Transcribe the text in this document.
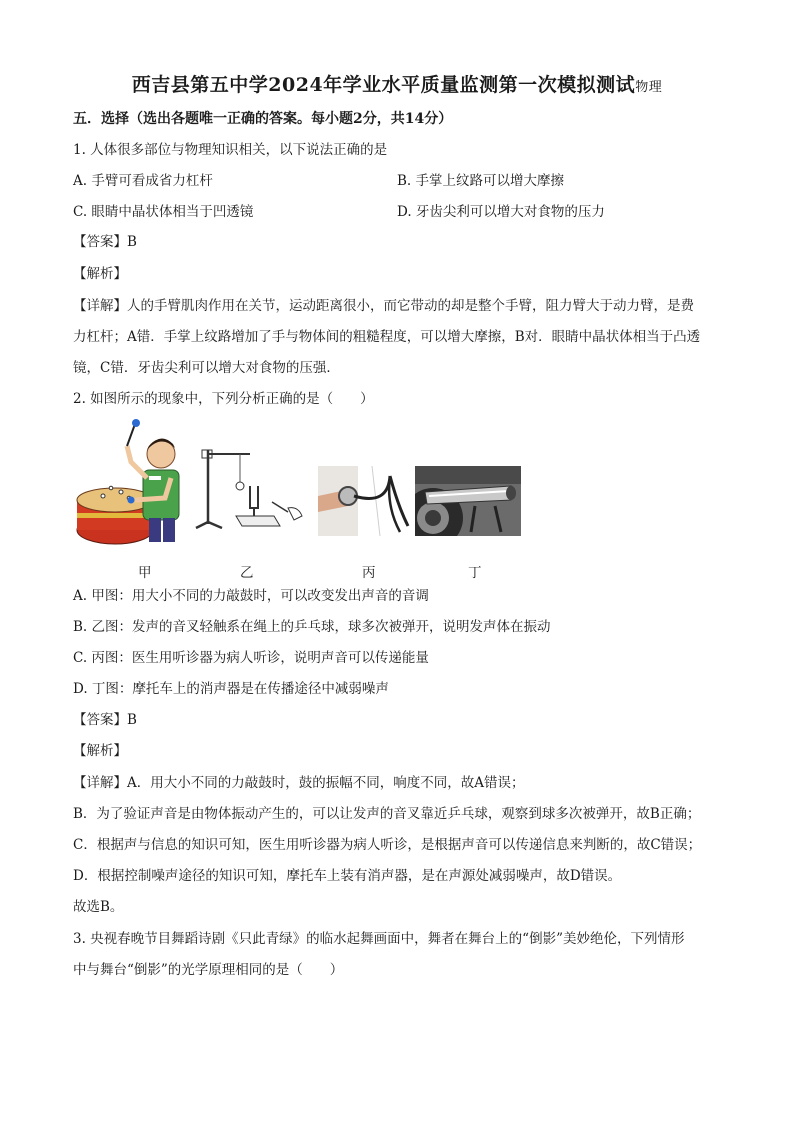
西吉县第五中学2024年学业水平质量监测第一次模拟测试物理
五．选择（选出各题唯一正确的答案。每小题2分，共14分）
1. 人体很多部位与物理知识相关，以下说法正确的是
A. 手臂可看成省力杠杆	B. 手掌上纹路可以增大摩擦
C. 眼睛中晶状体相当于凹透镜	D. 牙齿尖利可以增大对食物的压力
【答案】B
【解析】
【详解】人的手臂肌肉作用在关节，运动距离很小，而它带动的却是整个手臂，阻力臂大于动力臂，是费
力杠杆；A错．手掌上纹路增加了手与物体间的粗糙程度，可以增大摩擦，B对．眼睛中晶状体相当于凸透
镜，C错．牙齿尖利可以增大对食物的压强．
2. 如图所示的现象中，下列分析正确的是（　　）
甲	乙	丙	丁
A. 甲图：用大小不同的力敲鼓时，可以改变发出声音的音调
B. 乙图：发声的音叉轻触系在绳上的乒乓球，球多次被弹开，说明发声体在振动
C. 丙图：医生用听诊器为病人听诊，说明声音可以传递能量
D. 丁图：摩托车上的消声器是在传播途径中减弱噪声
【答案】B
【解析】
【详解】A．用大小不同的力敲鼓时，鼓的振幅不同，响度不同，故A错误；
B．为了验证声音是由物体振动产生的，可以让发声的音叉靠近乒乓球，观察到球多次被弹开，故B正确；
C．根据声与信息的知识可知，医生用听诊器为病人听诊，是根据声音可以传递信息来判断的，故C错误；
D．根据控制噪声途径的知识可知，摩托车上装有消声器，是在声源处减弱噪声，故D错误。
故选B。
3. 央视春晚节目舞蹈诗剧《只此青绿》的临水起舞画面中，舞者在舞台上的“倒影”美妙绝伦，下列情形
中与舞台“倒影”的光学原理相同的是（　　）
